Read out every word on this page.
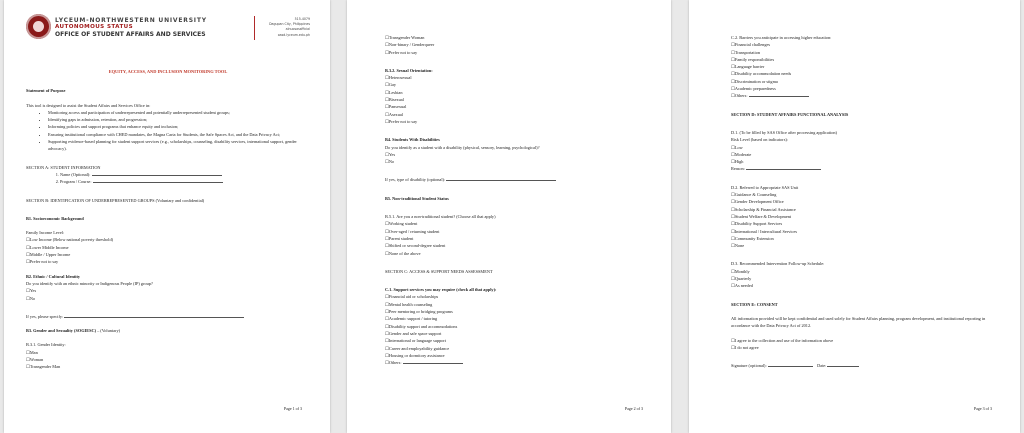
LYCEUM-NORTHWESTERN UNIVERSITY
AUTONOMOUS STATUS
OFFICE OF STUDENT AFFAIRS AND SERVICES
515-4079
Dagupan City, Philippines
alnuosassfficial
oasd.lyceum.edu.ph
EQUITY, ACCESS, AND INCLUSION MONITORING TOOL
Statement of Purpose
This tool is designed to assist the Student Affairs and Services Office in:
• Monitoring access and participation of underrepresented and potentially underrepresented student groups;
• Identifying gaps in admission, retention, and progression;
• Informing policies and support programs that enhance equity and inclusion;
• Ensuring institutional compliance with CHED mandates, the Magna Carta for Students, the Safe Spaces Act, and the Data Privacy Act;
• Supporting evidence-based planning for student support services (e.g., scholarships, counseling, disability services, international support, gender advocacy).
SECTION A: STUDENT INFORMATION
1. Name (Optional):
2. Program / Course:
SECTION B: IDENTIFICATION OF UNDERREPRESENTED GROUPS (Voluntary and confidential)
B1. Socioeconomic Background
Family Income Level:
☐ Low Income (Below national poverty threshold)
☐ Lower Middle Income
☐ Middle / Upper Income
☐ Prefer not to say
B2. Ethnic / Cultural Identity
Do you identify with an ethnic minority or Indigenous People (IP) group?
☐ Yes
☐ No
If yes, please specify:
B3. Gender and Sexuality (SOGIESC) – (Voluntary)
B.3.1. Gender Identity:
☐ Man
☐ Woman
☐ Transgender Man
Page 1 of 3
☐ Transgender Woman
☐ Non-binary / Genderqueer
☐ Prefer not to say
B.3.2. Sexual Orientation:
☐ Heterosexual
☐ Gay
☐ Lesbian
☐ Bisexual
☐ Pansexual
☐ Asexual
☐ Prefer not to say
B4. Students With Disabilities
Do you identify as a student with a disability (physical, sensory, learning, psychological)?
☐ Yes
☐ No
If yes, type of disability (optional):
B5. Non-traditional Student Status
B.5.1. Are you a non-traditional student? (Choose all that apply)
☐ Working student
☐ Over-aged / returning student
☐ Parent student
☐ Shifted or second-degree student
☐ None of the above
SECTION C: ACCESS & SUPPORT NEEDS ASSESSMENT
C.1. Support services you may require (check all that apply):
☐ Financial aid or scholarships
☐ Mental health counseling
☐ Peer mentoring or bridging programs
☐ Academic support / tutoring
☐ Disability support and accommodations
☐ Gender and safe space support
☐ International or language support
☐ Career and employability guidance
☐ Housing or dormitory assistance
☐ Others:
Page 2 of 3
C.2. Barriers you anticipate in accessing higher education:
☐ Financial challenges
☐ Transportation
☐ Family responsibilities
☐ Language barrier
☐ Disability accommodation needs
☐ Discrimination or stigma
☐ Academic preparedness
☐ Others:
SECTION D: STUDENT AFFAIRS FUNCTIONAL ANALYSIS
D.1. (To be filled by SAS Office after processing application)
Risk Level (based on indicators):
☐ Low
☐ Moderate
☐ High
Reason:
D.2. Referred to Appropriate SAS Unit
☐ Guidance & Counseling
☐ Gender Development Office
☐ Scholarship & Financial Assistance
☐ Student Welfare & Development
☐ Disability Support Services
☐ International / Intercultural Services
☐ Community Extension
☐ None
D.3. Recommended Intervention Follow-up Schedule:
☐ Monthly
☐ Quarterly
☐ As needed
SECTION E: CONSENT
All information provided will be kept confidential and used solely for Student Affairs planning, program development, and institutional reporting in accordance with the Data Privacy Act of 2012.
☐ I agree to the collection and use of the information above
☐ I do not agree
Signature (optional):	Date:
Page 3 of 3
